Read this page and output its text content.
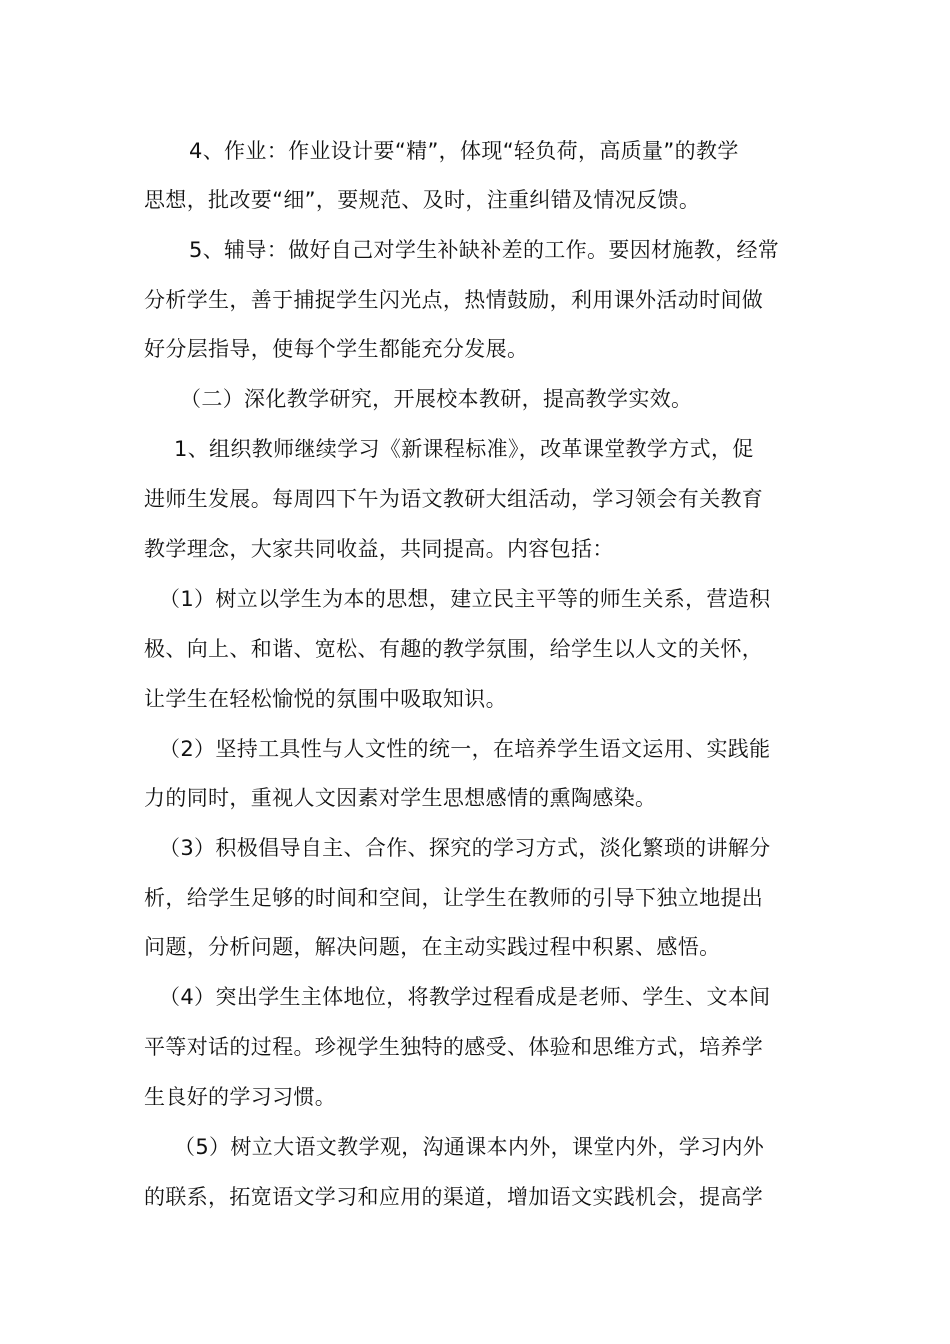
4、作业：作业设计要“精”，体现“轻负荷，高质量”的教学
思想，批改要“细”，要规范、及时，注重纠错及情况反馈。
5、辅导：做好自己对学生补缺补差的工作。要因材施教，经常
分析学生，善于捕捉学生闪光点，热情鼓励，利用课外活动时间做
好分层指导，使每个学生都能充分发展。
（二）深化教学研究，开展校本教研，提高教学实效。
1、组织教师继续学习《新课程标准》，改革课堂教学方式，促
进师生发展。每周四下午为语文教研大组活动，学习领会有关教育
教学理念，大家共同收益，共同提高。内容包括：
（1）树立以学生为本的思想，建立民主平等的师生关系，营造积
极、向上、和谐、宽松、有趣的教学氛围，给学生以人文的关怀，
让学生在轻松愉悦的氛围中吸取知识。
（2）坚持工具性与人文性的统一，在培养学生语文运用、实践能
力的同时，重视人文因素对学生思想感情的熏陶感染。
（3）积极倡导自主、合作、探究的学习方式，淡化繁琐的讲解分
析，给学生足够的时间和空间，让学生在教师的引导下独立地提出
问题，分析问题，解决问题，在主动实践过程中积累、感悟。
（4）突出学生主体地位，将教学过程看成是老师、学生、文本间
平等对话的过程。珍视学生独特的感受、体验和思维方式，培养学
生良好的学习习惯。
（5）树立大语文教学观，沟通课本内外，课堂内外，学习内外
的联系，拓宽语文学习和应用的渠道，增加语文实践机会，提高学
